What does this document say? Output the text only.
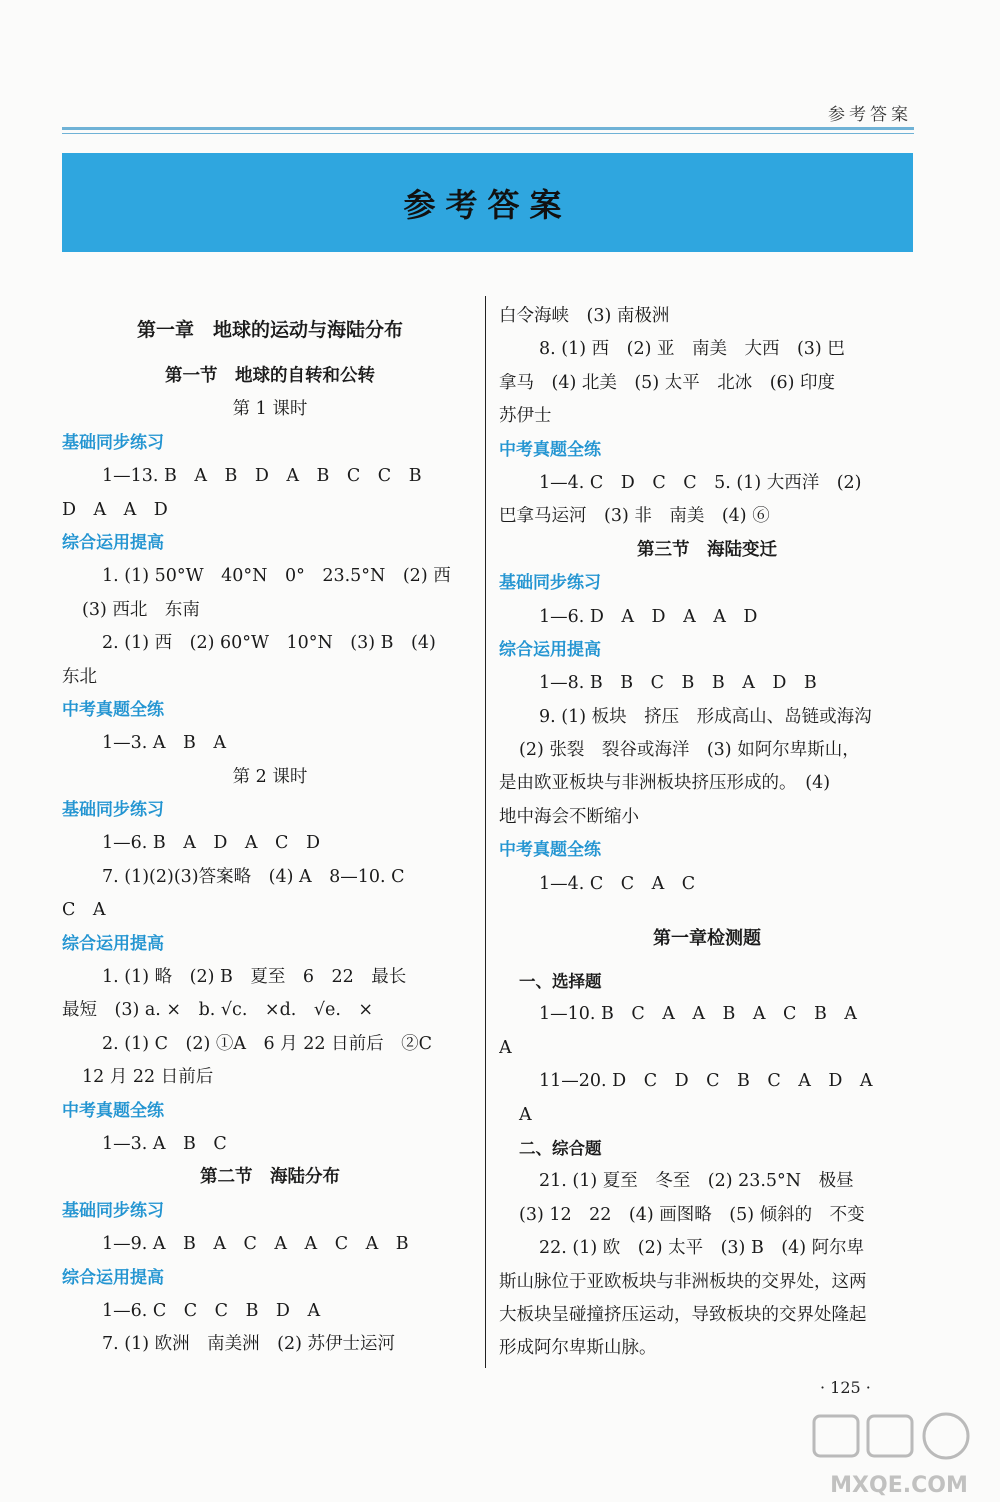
参考答案
参考答案
第一章　地球的运动与海陆分布
第一节　地球的自转和公转
第 1 课时
基础同步练习
1—13. B　A　B　D　A　B　C　C　B
D　A　A　D
综合运用提高
1. (1) 50°W　40°N　0°　23.5°N　(2) 西
(3) 西北　东南
2. (1) 西　(2) 60°W　10°N　(3) B　(4)
东北
中考真题全练
1—3. A　B　A
第 2 课时
基础同步练习
1—6. B　A　D　A　C　D
7. (1)(2)(3)答案略　(4) A　8—10. C
C　A
综合运用提高
1. (1) 略　(2) B　夏至　6　22　最长
最短　(3) a. ×　b. √c.　×d.　√e.　×
2. (1) C　(2) ①A　6 月 22 日前后　②C
12 月 22 日前后
中考真题全练
1—3. A　B　C
第二节　海陆分布
基础同步练习
1—9. A　B　A　C　A　A　C　A　B
综合运用提高
1—6. C　C　C　B　D　A
7. (1) 欧洲　南美洲　(2) 苏伊士运河
白令海峡　(3) 南极洲
8. (1) 西　(2) 亚　南美　大西　(3) 巴
拿马　(4) 北美　(5) 太平　北冰　(6) 印度
苏伊士
中考真题全练
1—4. C　D　C　C　5. (1) 大西洋　(2)
巴拿马运河　(3) 非　南美　(4) ⑥
第三节　海陆变迁
基础同步练习
1—6. D　A　D　A　A　D
综合运用提高
1—8. B　B　C　B　B　A　D　B
9. (1) 板块　挤压　形成高山、岛链或海沟
(2) 张裂　裂谷或海洋　(3) 如阿尔卑斯山，
是由欧亚板块与非洲板块挤压形成的。　(4)
地中海会不断缩小
中考真题全练
1—4. C　C　A　C
第一章检测题
一、选择题
1—10. B　C　A　A　B　A　C　B　A
A
11—20. D　C　D　C　B　C　A　D　A
A
二、综合题
21. (1) 夏至　冬至　(2) 23.5°N　极昼
(3) 12　22　(4) 画图略　(5) 倾斜的　不变
22. (1) 欧　(2) 太平　(3) B　(4) 阿尔卑
斯山脉位于亚欧板块与非洲板块的交界处，这两
大板块呈碰撞挤压运动，导致板块的交界处隆起
形成阿尔卑斯山脉。
· 125 ·
MXQE.COM
